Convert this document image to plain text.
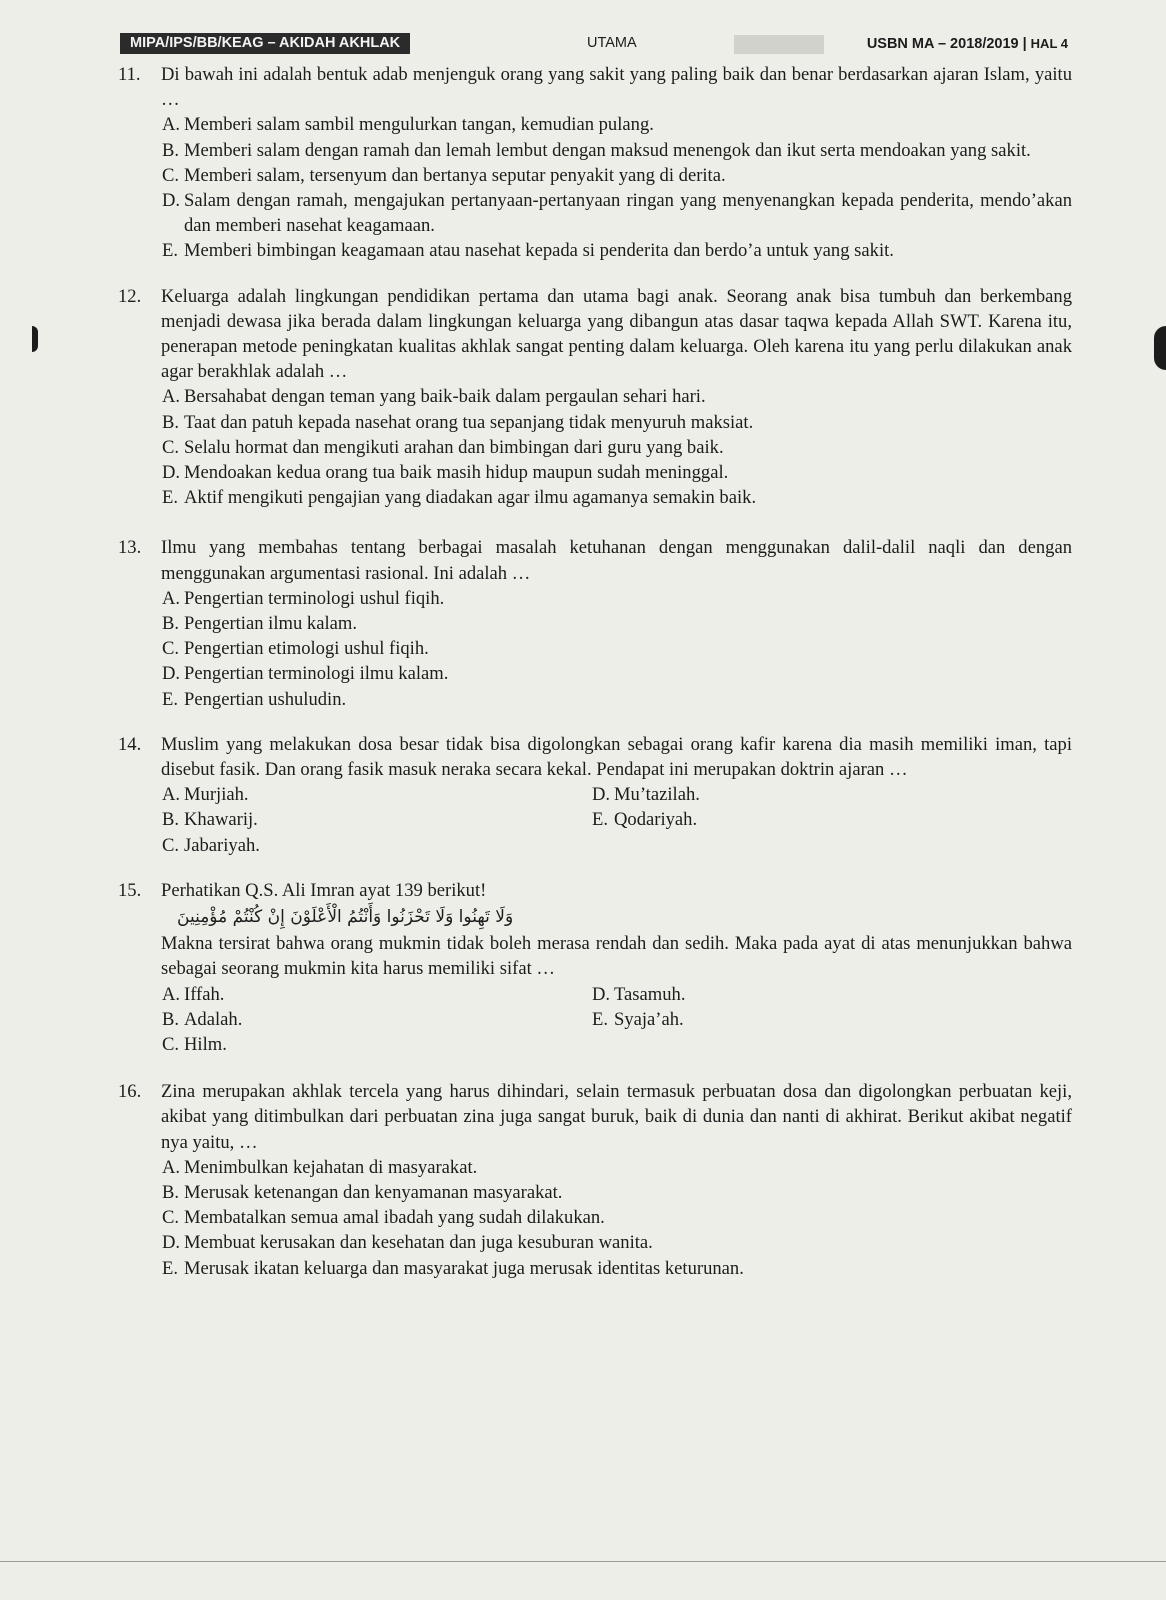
MIPA/IPS/BB/KEAG – AKIDAH AKHLAK	UTAMA	USBN MA – 2018/2019 | HAL 4
11.	Di bawah ini adalah bentuk adab menjenguk orang yang sakit yang paling baik dan benar berdasarkan ajaran Islam, yaitu …
A. Memberi salam sambil mengulurkan tangan, kemudian pulang.
B. Memberi salam dengan ramah dan lemah lembut dengan maksud menengok dan ikut serta mendoakan yang sakit.
C. Memberi salam, tersenyum dan bertanya seputar penyakit yang di derita.
D. Salam dengan ramah, mengajukan pertanyaan-pertanyaan ringan yang menyenangkan kepada penderita, mendo’akan dan memberi nasehat keagamaan.
E. Memberi bimbingan keagamaan atau nasehat kepada si penderita dan berdo’a untuk yang sakit.
12.	Keluarga adalah lingkungan pendidikan pertama dan utama bagi anak. Seorang anak bisa tumbuh dan berkembang menjadi dewasa jika berada dalam lingkungan keluarga yang dibangun atas dasar taqwa kepada Allah SWT. Karena itu, penerapan metode peningkatan kualitas akhlak sangat penting dalam keluarga. Oleh karena itu yang perlu dilakukan anak agar berakhlak adalah …
A. Bersahabat dengan teman yang baik-baik dalam pergaulan sehari hari.
B. Taat dan patuh kepada nasehat orang tua sepanjang tidak menyuruh maksiat.
C. Selalu hormat dan mengikuti arahan dan bimbingan dari guru yang baik.
D. Mendoakan kedua orang tua baik masih hidup maupun sudah meninggal.
E. Aktif mengikuti pengajian yang diadakan agar ilmu agamanya semakin baik.
13.	Ilmu yang membahas tentang berbagai masalah ketuhanan dengan menggunakan dalil-dalil naqli dan dengan menggunakan argumentasi rasional. Ini adalah …
A. Pengertian terminologi ushul fiqih.
B. Pengertian ilmu kalam.
C. Pengertian etimologi ushul fiqih.
D. Pengertian terminologi ilmu kalam.
E. Pengertian ushuludin.
14.	Muslim yang melakukan dosa besar tidak bisa digolongkan sebagai orang kafir karena dia masih memiliki iman, tapi disebut fasik. Dan orang fasik masuk neraka secara kekal. Pendapat ini merupakan doktrin ajaran …
A. Murjiah.	D. Mu’tazilah.
B. Khawarij.	E. Qodariyah.
C. Jabariyah.
15.	Perhatikan Q.S. Ali Imran ayat 139 berikut!
وَلَا تَهِنُوا وَلَا تَحْزَنُوا وَأَنْتُمُ الْأَعْلَوْنَ إِنْ كُنْتُمْ مُؤْمِنِينَ
Makna tersirat bahwa orang mukmin tidak boleh merasa rendah dan sedih. Maka pada ayat di atas menunjukkan bahwa sebagai seorang mukmin kita harus memiliki sifat …
A. Iffah.	D. Tasamuh.
B. Adalah.	E. Syaja’ah.
C. Hilm.
16.	Zina merupakan akhlak tercela yang harus dihindari, selain termasuk perbuatan dosa dan digolongkan perbuatan keji, akibat yang ditimbulkan dari perbuatan zina juga sangat buruk, baik di dunia dan nanti di akhirat. Berikut akibat negatif nya yaitu, …
A. Menimbulkan kejahatan di masyarakat.
B. Merusak ketenangan dan kenyamanan masyarakat.
C. Membatalkan semua amal ibadah yang sudah dilakukan.
D. Membuat kerusakan dan kesehatan dan juga kesuburan wanita.
E. Merusak ikatan keluarga dan masyarakat juga merusak identitas keturunan.
